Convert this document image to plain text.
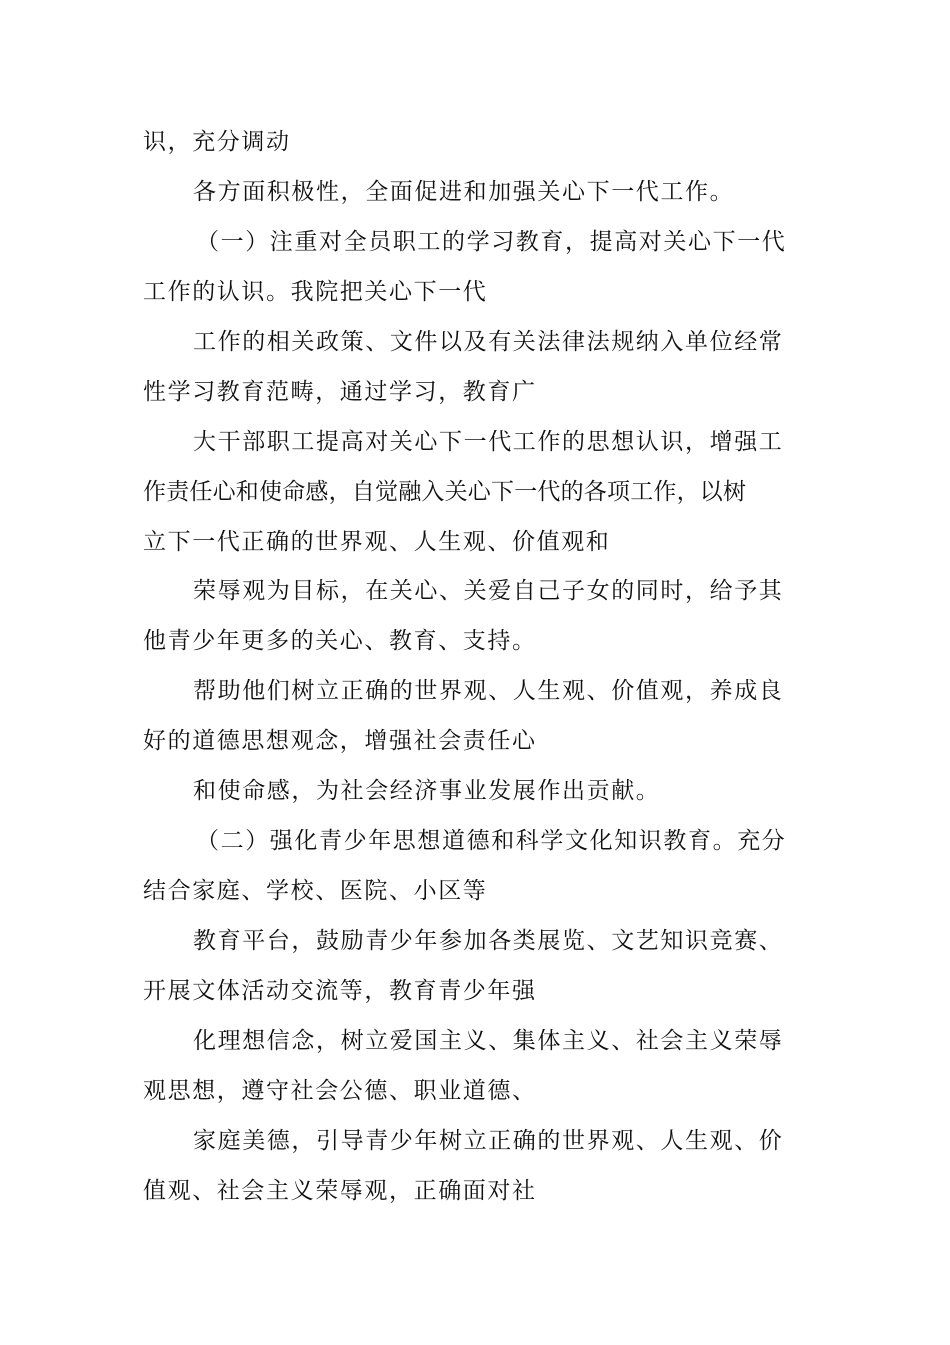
识，充分调动
各方面积极性，全面促进和加强关心下一代工作。
（一）注重对全员职工的学习教育，提高对关心下一代
工作的认识。我院把关心下一代
工作的相关政策、文件以及有关法律法规纳入单位经常
性学习教育范畴，通过学习，教育广
大干部职工提高对关心下一代工作的思想认识，增强工
作责任心和使命感，自觉融入关心下一代的各项工作，以树
立下一代正确的世界观、人生观、价值观和
荣辱观为目标，在关心、关爱自己子女的同时，给予其
他青少年更多的关心、教育、支持。
帮助他们树立正确的世界观、人生观、价值观，养成良
好的道德思想观念，增强社会责任心
和使命感，为社会经济事业发展作出贡献。
（二）强化青少年思想道德和科学文化知识教育。充分
结合家庭、学校、医院、小区等
教育平台，鼓励青少年参加各类展览、文艺知识竞赛、
开展文体活动交流等，教育青少年强
化理想信念，树立爱国主义、集体主义、社会主义荣辱
观思想，遵守社会公德、职业道德、
家庭美德，引导青少年树立正确的世界观、人生观、价
值观、社会主义荣辱观，正确面对社
